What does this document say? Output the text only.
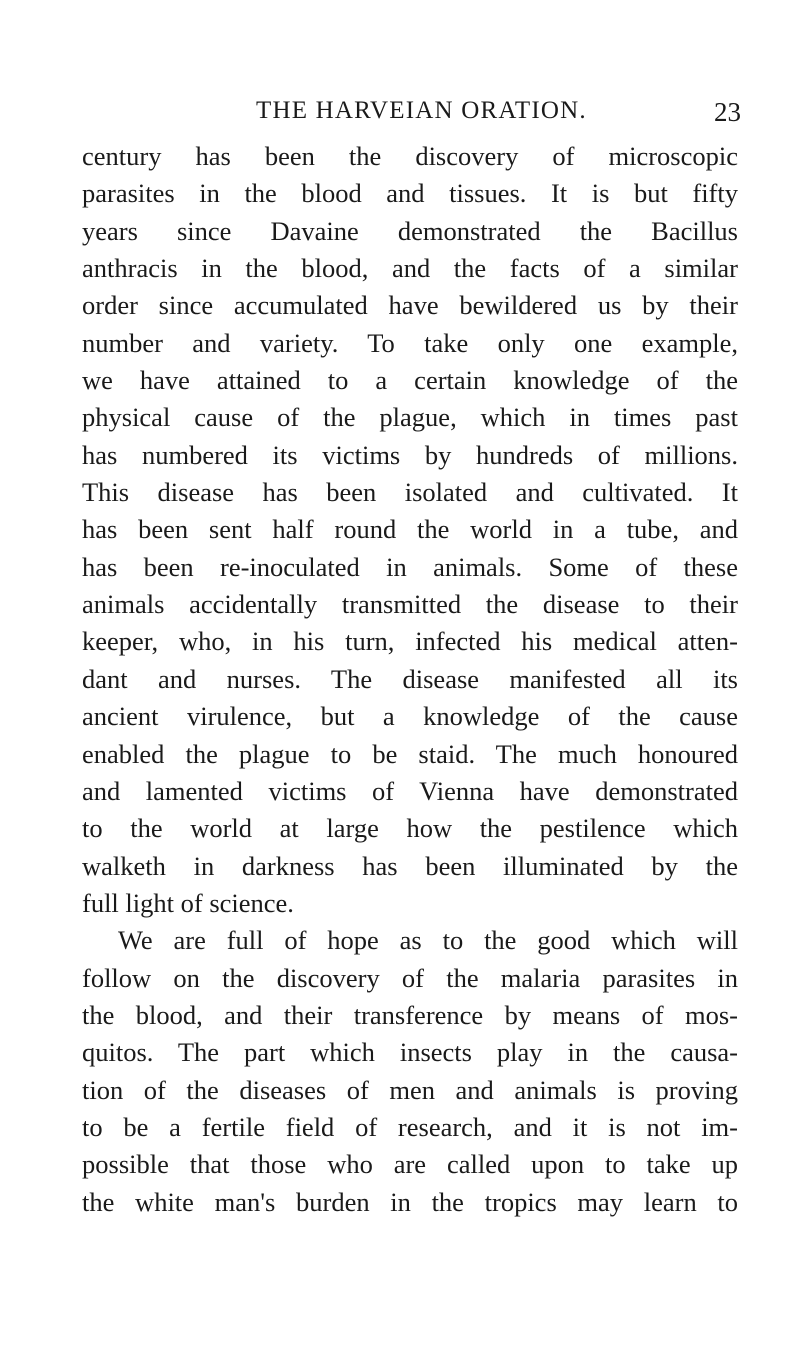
THE HARVEIAN ORATION.	23
century has been the discovery of microscopic
parasites in the blood and tissues. It is but fifty
years since Davaine demonstrated the Bacillus
anthracis in the blood, and the facts of a similar
order since accumulated have bewildered us by their
number and variety. To take only one example,
we have attained to a certain knowledge of the
physical cause of the plague, which in times past
has numbered its victims by hundreds of millions.
This disease has been isolated and cultivated. It
has been sent half round the world in a tube, and
has been re-inoculated in animals. Some of these
animals accidentally transmitted the disease to their
keeper, who, in his turn, infected his medical atten-
dant and nurses. The disease manifested all its
ancient virulence, but a knowledge of the cause
enabled the plague to be staid. The much honoured
and lamented victims of Vienna have demonstrated
to the world at large how the pestilence which
walketh in darkness has been illuminated by the
full light of science.
We are full of hope as to the good which will
follow on the discovery of the malaria parasites in
the blood, and their transference by means of mos-
quitos. The part which insects play in the causa-
tion of the diseases of men and animals is proving
to be a fertile field of research, and it is not im-
possible that those who are called upon to take up
the white man's burden in the tropics may learn to
